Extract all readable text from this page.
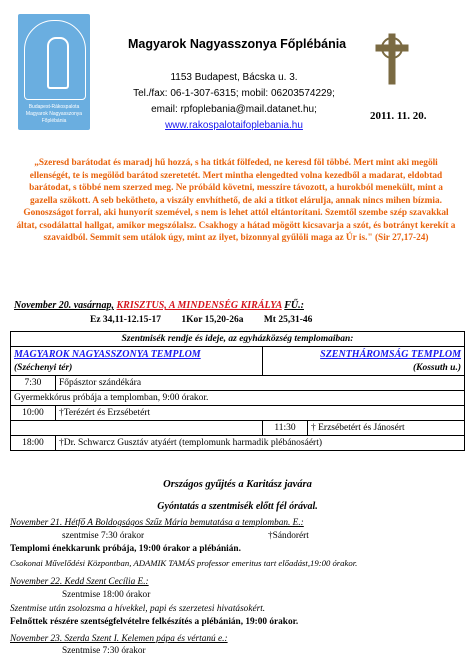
Budapest-Rákospalota
Magyarok Nagyasszonya
Főplébánia
Magyarok Nagyasszonya Főplébánia
1153 Budapest, Bácska u. 3.
Tel./fax: 06-1-307-6315; mobil: 06203574229;
email: rpfoplebania@mail.datanet.hu;
www.rakospalotaifoplebania.hu
2011. 11. 20.
„Szeresd barátodat és maradj hű hozzá, s ha titkát fölfeded, ne keresd föl többé. Mert mint aki megöli ellenségét, te is megölöd barátod szeretetét. Mert mintha elengedted volna kezedből a madarat, eldobtad barátodat, s többé nem szerzed meg. Ne próbáld követni, messzire távozott, a hurokból menekült, mint a gazella szökott. A seb bekötheto, a viszály envhíthető, de aki a titkot elárulja, annak nincs mihen bízmia. Gonoszságot forral, aki hunyorít szemével, s nem is lehet attól eltántorítani. Szemtől szembe szép szavakkal áltat, csodálattal hallgat, amikor megszólalsz. Csakhogy a hátad mögött kicsavarja a szót, és botrányt kerekít a szavaidból. Semmit sem utálok úgy, mint az ilyet, bizonnyal gyűlöli maga az Úr is." (Sir 27,17-24)
November 20. vasárnap, KRISZTUS, A MINDENSÉG KIRÁLYA FŰ.:
Ez 34,11-12.15-17 1Kor 15,20-26a Mt 25,31-46
Szentmisék rendje és ideje, az egyházközség templomaiban:			
MAGYAROK NAGYASSZONYA TEMPLOM		SZENTHÁROMSÁG TEMPLOM	
(Széchenyi tér)		(Kossuth u.)	
7:30	Főpásztor szándékára		
Gyermekkórus próbája a templomban, 9:00 órakor.			
10:00	†Terézért és Erzsébetért		
		11:30	† Erzsébetért és Jánosért
18:00	†Dr. Schwarcz Gusztáv atyáért (templomunk harmadik plébánosáért)		
Országos gyűjtés a Karitász javára
Gyóntatás a szentmisék előtt fél órával.
November 21. Hétfő A Boldogságos Szűz Mária bemutatása a templomban. E.:
szentmise 7:30 órakor	†Sándorért
Templomi énekkarunk próbája, 19:00 órakor a plébánián.
Csokonai Művelődési Központban, ADAMIK TAMÁS professor emeritus tart előadást,19:00 órakor.
November 22. Kedd Szent Cecília E.:
Szentmise 18:00 órakor
Szentmise után zsolozsma a hívekkel, papi és szerzetesi hivatásokért.
Felnőttek részére szentségfelvételre felkészítés a plébánián, 19:00 órakor.
November 23. Szerda Szent I. Kelemen pápa és vértanú e.:
Szentmise 7:30 órakor
